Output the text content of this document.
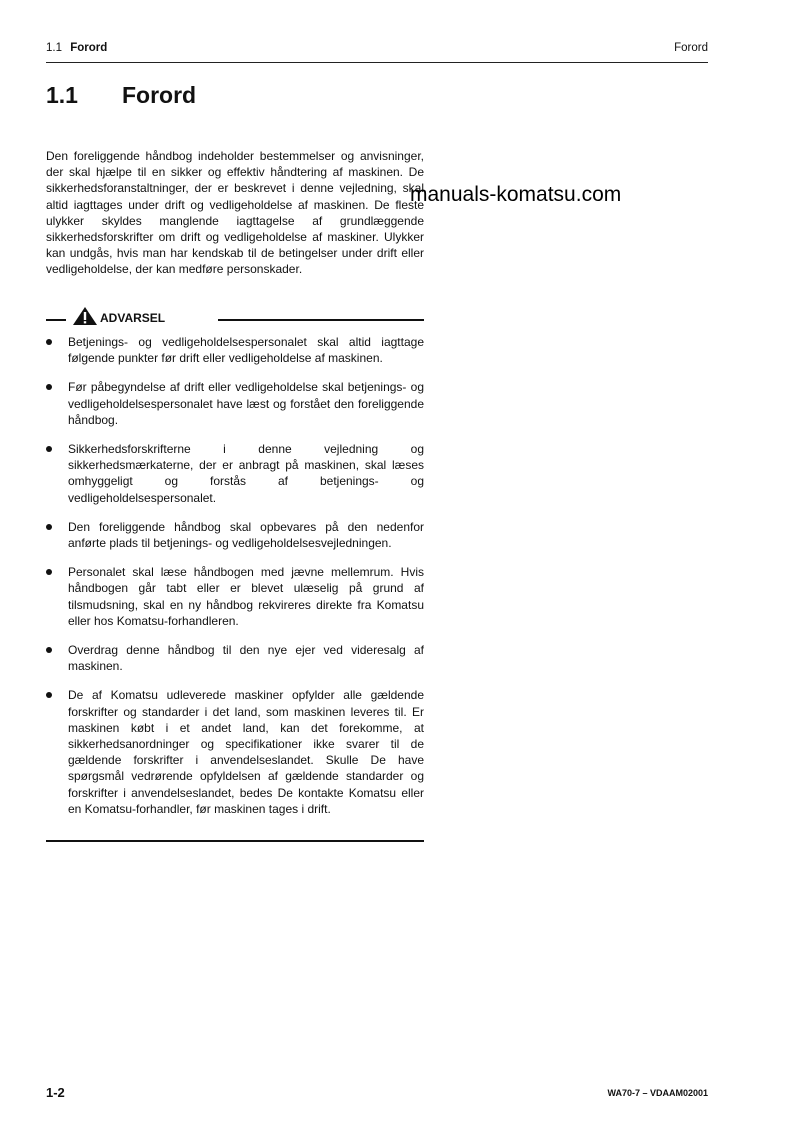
1.1 Forord	Forord
1.1 Forord

Den foreliggende håndbog indeholder bestemmelser og anvisninger, der skal hjælpe til en sikker og effektiv håndtering af maskinen. De sikkerhedsforanstaltninger, der er beskrevet i denne vejledning, skal altid iagttages under drift og vedligeholdelse af maskinen. De fleste ulykker skyldes manglende iagttagelse af grundlæggende sikkerhedsforskrifter om drift og vedligeholdelse af maskiner. Ulykker kan undgås, hvis man har kendskab til de betingelser under drift eller vedligeholdelse, der kan medføre personskader.

manuals-komatsu.com
ADVARSEL
Betjenings- og vedligeholdelsespersonalet skal altid iagttage følgende punkter før drift eller vedligeholdelse af maskinen.
Før påbegyndelse af drift eller vedligeholdelse skal betjenings- og vedligeholdelsespersonalet have læst og forstået den foreliggende håndbog.
Sikkerhedsforskrifterne i denne vejledning og sikkerhedsmærkaterne, der er anbragt på maskinen, skal læses omhyggeligt og forstås af betjenings- og vedligeholdelsespersonalet.
Den foreliggende håndbog skal opbevares på den nedenfor anførte plads til betjenings- og vedligeholdelsesvejledningen.
Personalet skal læse håndbogen med jævne mellemrum. Hvis håndbogen går tabt eller er blevet ulæselig på grund af tilsmudsning, skal en ny håndbog rekvireres direkte fra Komatsu eller hos Komatsu-forhandleren.
Overdrag denne håndbog til den nye ejer ved videresalg af maskinen.
De af Komatsu udleverede maskiner opfylder alle gældende forskrifter og standarder i det land, som maskinen leveres til. Er maskinen købt i et andet land, kan det forekomme, at sikkerhedsanordninger og specifikationer ikke svarer til de gældende forskrifter i anvendelseslandet. Skulle De have spørgsmål vedrørende opfyldelsen af gældende standarder og forskrifter i anvendelseslandet, bedes De kontakte Komatsu eller en Komatsu-forhandler, før maskinen tages i drift.
1-2	WA70-7 – VDAAM02001
